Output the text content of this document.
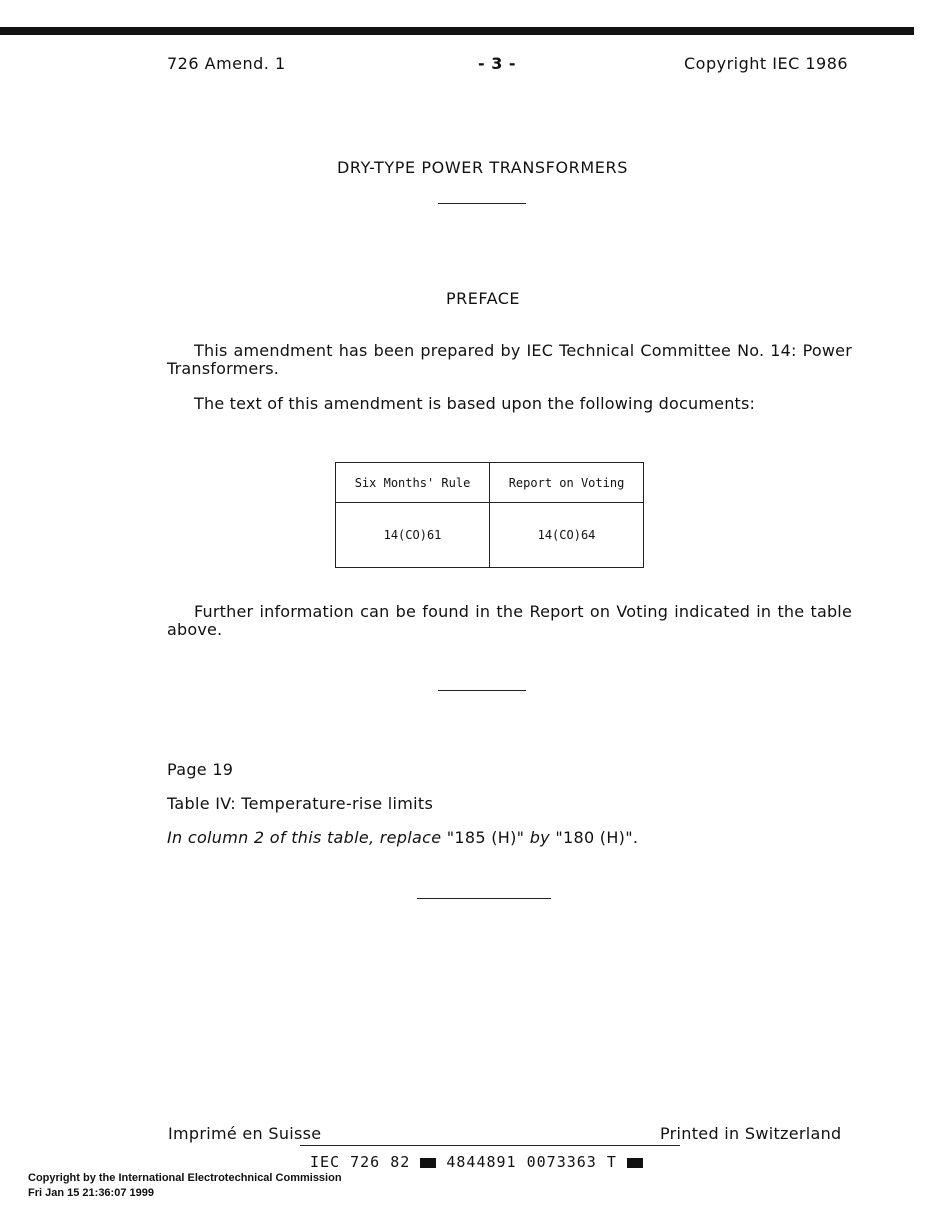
726 Amend. 1	- 3 -	Copyright IEC 1986
DRY-TYPE POWER TRANSFORMERS
PREFACE
This amendment has been prepared by IEC Technical Committee No. 14: Power Transformers.
The text of this amendment is based upon the following documents:
Six Months' Rule	Report on Voting
14(CO)61	14(CO)64
Further information can be found in the Report on Voting indicated in the table above.
Page 19
Table IV: Temperature-rise limits
In column 2 of this table, replace "185 (H)" by "180 (H)".
Imprimé en Suisse	Printed in Switzerland
IEC 726 82 4844891 0073363 T
Copyright by the International Electrotechnical Commission
Fri Jan 15 21:36:07 1999
